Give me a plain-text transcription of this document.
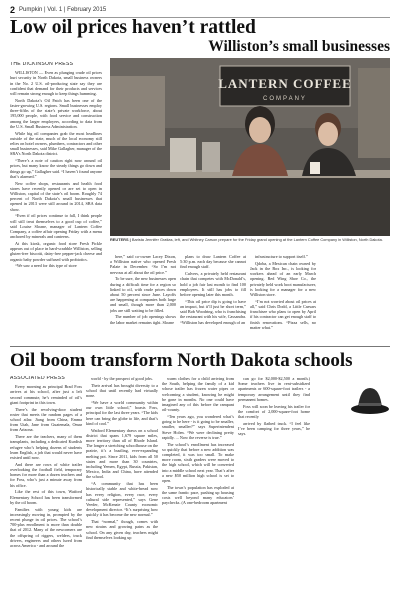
2 Pumpkin | Vol. 1 | February 2015
Low oil prices haven’t rattled
Williston’s small businesses
THE DICKINSON PRESS

WILLISTON — Even as plunging crude oil prices hurt security in North Dakota, small business owners in the No. 2 U.S. oil-producing state say they are confident that demand for their products and services will remain strong enough to keep things humming.

North Dakota’s Oil Patch has been one of the faster-growing U.S. regions. Small businesses employ three-fifths of the state’s private workforce, about 195,000 people, with food service and construction among the larger employers, according to data from the U.S. Small Business Administration.

While big oil companies grab the most headlines outside of the state, much of the local economy still relies on hotel owners, plumbers, contractors and other small businesses, said Mike Gallagher, manager of the SBA’s North Dakota district.

“There’s a note of caution right now around oil prices, but many know the steady things go down and things go up,” Gallagher said. “I haven’t found anyone that’s alarmed.”

New coffee shops, restaurants and health food stores have recently opened or are set to open in Williston, capital of the state’s oil boom. Roughly 74 percent of North Dakota’s small businesses that opened in 2013 were still around in 2014, SBA data show.

“Even if oil prices continue to fall, I think people will still treat themselves to a good cup of coffee,” said Louise Sloane, manager of Lantern Coffee Company, a coffee affair opening Friday with a menu anchored by minerals and canteens.

At this kiosk, organic food store Fresh Pickle appears out of place in hard-scrabble Williston, selling gluten-free biscotti, dairy-free pepper-jack cheese and organic baby powder suffused with probiotics.

“We saw a need for this type of store

LANTERN COFFEE
COMPANY
REUTERS | Barista Jennifer Gratias, left, and Whitney Carson prepare for the Friday grand opening at the Lantern Coffee Company in Williston, North Dakota.

here,” said co-owner Lacey Dixon, a Williston native who opened Fresh Palate in December. “So I’m not nervous at all about the oil price.”

To be sure, the new businesses open during a difficult time for a region so linked to oil, with crude prices down about 50 percent since June. Layoffs are happening at companies both large and small, though more than 2,000 jobs are still waiting to be filled.

The number of job openings shows the labor market remains tight. Sloane

plans to draw Lantern Coffee at 5:30 p.m. each day because she cannot find enough staff.

Culvers, a privately held restaurant chain that competes with McDonald’s, hold a job fair last month to find 100 employees. It still has jobs to fill before opening later this month.

“This oil price dip is going to have an impact, but it’ll just be short term,” said Bob Woodring, who is franchising the restaurant with his wife, Cassandra. “Williston has developed enough of an

infrastructure to support itself.”

Qdoba, a Mexican chain owned by Jack in the Box Inc., is looking for workers ahead of an early March opening. Red Wing Shoe Co., the privately held work boot manufacturer, is looking for a manager for a new Williston store.

“I’m not worried about oil prices at all,” said Chris Dodd, a Little Caesars franchisee who plans to open by April if his contractor can get enough staff to finish renovations. “Pizza sells, no matter what.”

Oil boom transform North Dakota schools
ASSOCIATED PRESS

Every morning as principal Brad Foss arrives at his school, after just a left second commute, he’s reminded of oil’s giant footprint in this town.

There’s the revolving-door student roster that meets the random pages of a school atlas: Jiang from China, Emma from Utah, Jane from Guatemala, Omar from Arizona.

There are the teachers, many of them transplants, including a dedicated Kurdish refugee who’s helping dozens of students learn English, a job that would never have existed until now.

And there are rows of white trailer overlooking the football field, temporary homes for more than a dozen teachers and for Foss, who’s just a minute away from his office.

Like the rest of this town, Watford Elementary School has been transformed by the oil boom.

Families with young kids are increasingly moving in, prompted by the recent plunge in oil prices. The school’s 700-plus enrollment is more than double that of 2012. Many of the newcomers are the offspring of riggers, welders, truck drivers, engineers and others lured from across America - and around the

world - by the prospect of good jobs.

Their arrival has brought diversity to a school that until recently had virtually none.

“We have a world community within our own little school,” boasts Foss, principal for the last three years. “The kids here can bring the globe to life, and that’s kind of cool.”

Watford Elementary draws on a school district that spans 1,679 square miles, more territory than all of Rhode Island. The longer a stretching schoolhouse on the prairie, it’s a bustling, ever-expanding melting pot. Since 2011, kids from all 50 states and more than 30 countries, including Yemen, Egypt, Russia, Pakistan, Mexico, India and China, have attended the school.

“A community that has been historically stable and white-bread now has every religion, every race, every cultural side represented,” says Gene Veeder, McKenzie County economic development director. “It’s surprising how quickly it has become the new normal.”

That “normal,” though, comes with new strains and growing pains as the school. On any given day, teachers might find themselves looking up

warm clothes for a child arriving from the South, helping the family of a kid whose trailer has frozen water pipes or welcoming a student, knowing he might be gone in months. No one could have imagined any of this before the rampant oil-county.

“Ten years ago, you wondered what’s going to be here - is it going to be smaller, smaller, smaller?” says Superintendent Steve Holen. “We were declining pretty rapidly. ... Now the reverse is true.”

The school’s enrollment has increased so quickly that before a new addition was completed, it was too small. To make more room, sixth graders were moved to the high school, which will be converted into a middle school next year. That’s after a new $50 million high school is set to open.

The town’s population has exploded at the same frantic pace, pushing up housing costs well beyond many educators’ paychecks. (A one-bedroom apartment

can go for $2,000-$2,500 a month.) Some teachers live in rent-subsidized apartments or 600-square-foot trailers - a temporary arrangement until they find permanent homes.

Foss will soon be leaving his trailer for the comfort of 2,000-square-foot home that recently

arrived by flatbed truck. “I feel like I’ve been camping for three years,” he says.
